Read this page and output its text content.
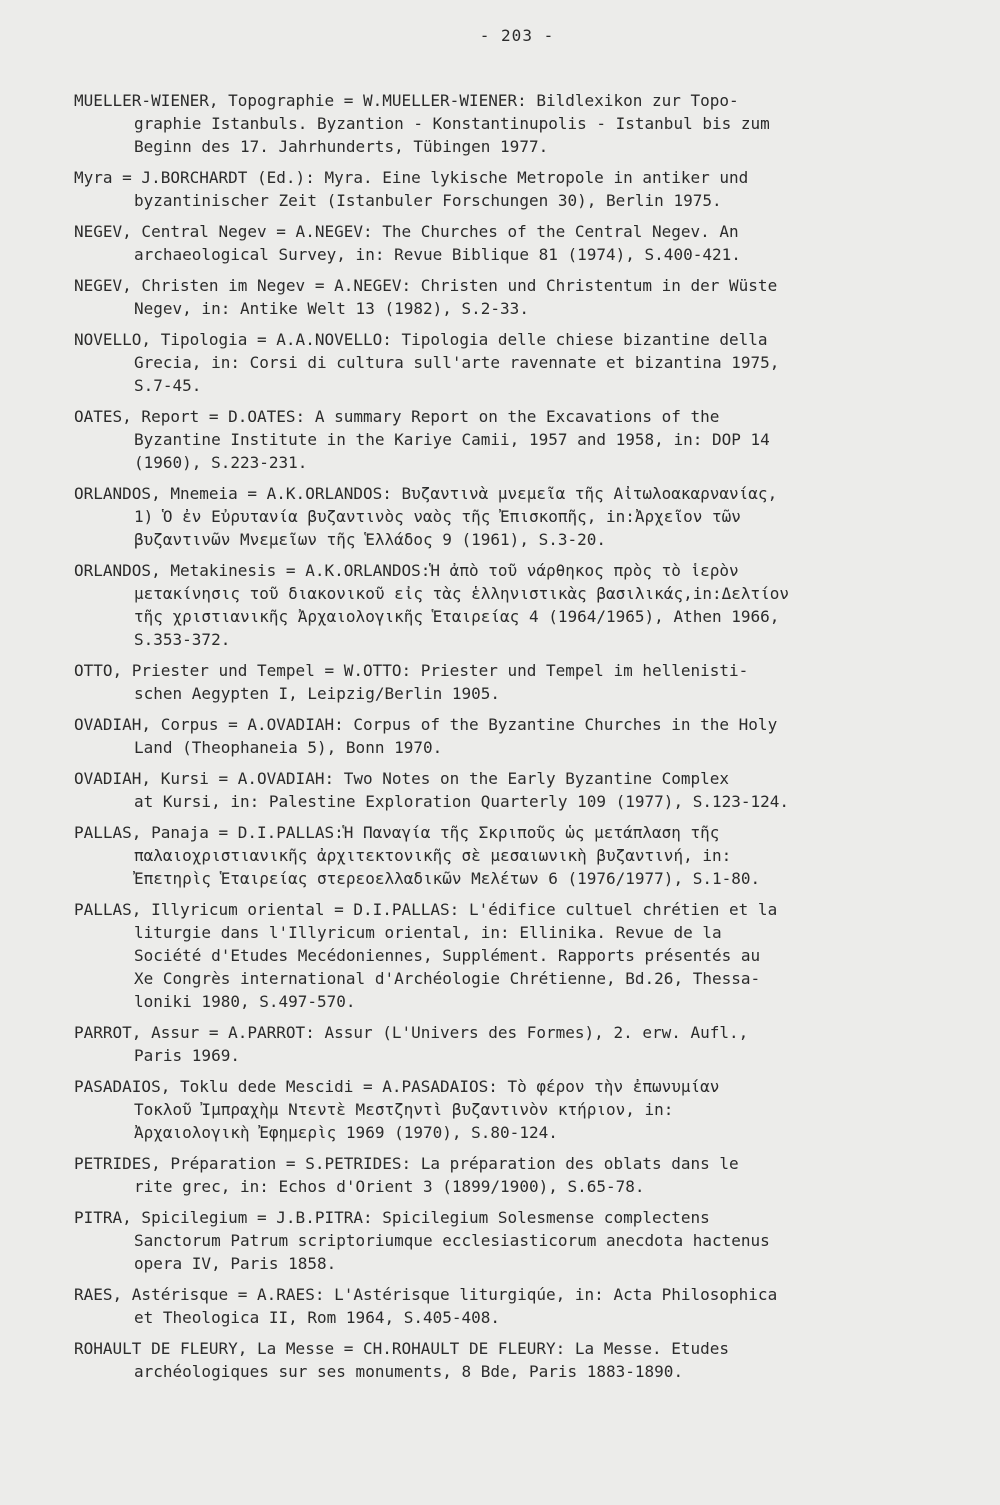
- 203 -
MUELLER-WIENER, Topographie = W.MUELLER-WIENER: Bildlexikon zur Topo-
graphie Istanbuls. Byzantion - Konstantinupolis - Istanbul bis zum
Beginn des 17. Jahrhunderts, Tübingen 1977.
Myra = J.BORCHARDT (Ed.): Myra. Eine lykische Metropole in antiker und
byzantinischer Zeit (Istanbuler Forschungen 30), Berlin 1975.
NEGEV, Central Negev = A.NEGEV: The Churches of the Central Negev. An
archaeological Survey, in: Revue Biblique 81 (1974), S.400-421.
NEGEV, Christen im Negev = A.NEGEV: Christen und Christentum in der Wüste
Negev, in: Antike Welt 13 (1982), S.2-33.
NOVELLO, Tipologia = A.A.NOVELLO: Tipologia delle chiese bizantine della
Grecia, in: Corsi di cultura sull'arte ravennate et bizantina 1975,
S.7-45.
OATES, Report = D.OATES: A summary Report on the Excavations of the
Byzantine Institute in the Kariye Camii, 1957 and 1958, in: DOP 14
(1960), S.223-231.
ORLANDOS, Mnemeia = A.K.ORLANDOS: Βυζαντινὰ μνεμεῖα τῆς Αἰτωλοακαρνανίας,
1) Ὁ ἐν Εὐρυτανία βυζαντινὸς ναὸς τῆς Ἐπισκοπῆς, in:Ἀρχεῖον τῶν
βυζαντινῶν Μνεμεῖων τῆς Ἑλλάδος 9 (1961), S.3-20.
ORLANDOS, Metakinesis = A.K.ORLANDOS:Ἡ ἀπὸ τοῦ νάρθηκος πρὸς τὸ ἱερὸν
μετακίνησις τοῦ διακονικοῦ εἰς τὰς ἑλληνιστικὰς βασιλικάς,in:Δελτίον
τῆς χριστιανικῆς Ἀρχαιολογικῆς Ἑταιρείας 4 (1964/1965), Athen 1966,
S.353-372.
OTTO, Priester und Tempel = W.OTTO: Priester und Tempel im hellenisti-
schen Aegypten I, Leipzig/Berlin 1905.
OVADIAH, Corpus = A.OVADIAH: Corpus of the Byzantine Churches in the Holy
Land (Theophaneia 5), Bonn 1970.
OVADIAH, Kursi = A.OVADIAH: Two Notes on the Early Byzantine Complex
at Kursi, in: Palestine Exploration Quarterly 109 (1977), S.123-124.
PALLAS, Panaja = D.I.PALLAS:Ἡ Παναγία τῆς Σκριποῦς ὡς μετάπλαση τῆς
παλαιοχριστιανικῆς ἀρχιτεκτονικῆς σὲ μεσαιωνικὴ βυζαντινή, in:
Ἐπετηρὶς Ἑταιρείας στερεοελλαδικῶν Μελέτων 6 (1976/1977), S.1-80.
PALLAS, Illyricum oriental = D.I.PALLAS: L'édifice cultuel chrétien et la
liturgie dans l'Illyricum oriental, in: Ellinika. Revue de la
Société d'Etudes Mecédoniennes, Supplément. Rapports présentés au
Xe Congrès international d'Archéologie Chrétienne, Bd.26, Thessa-
loniki 1980, S.497-570.
PARROT, Assur = A.PARROT: Assur (L'Univers des Formes), 2. erw. Aufl.,
Paris 1969.
PASADAIOS, Toklu dede Mescidi = A.PASADAIOS: Τὸ φέρον τὴν ἐπωνυμίαν
Τοκλοῦ Ἰμπραχὴμ Ντεντὲ Μεστζηντὶ βυζαντινὸν κτήριον, in:
Ἀρχαιολογικὴ Ἐφημερὶς 1969 (1970), S.80-124.
PETRIDES, Préparation = S.PETRIDES: La préparation des oblats dans le
rite grec, in: Echos d'Orient 3 (1899/1900), S.65-78.
PITRA, Spicilegium = J.B.PITRA: Spicilegium Solesmense complectens
Sanctorum Patrum scriptoriumque ecclesiasticorum anecdota hactenus
opera IV, Paris 1858.
RAES, Astérisque = A.RAES: L'Astérisque liturgiqúe, in: Acta Philosophica
et Theologica II, Rom 1964, S.405-408.
ROHAULT DE FLEURY, La Messe = CH.ROHAULT DE FLEURY: La Messe. Etudes
archéologiques sur ses monuments, 8 Bde, Paris 1883-1890.
